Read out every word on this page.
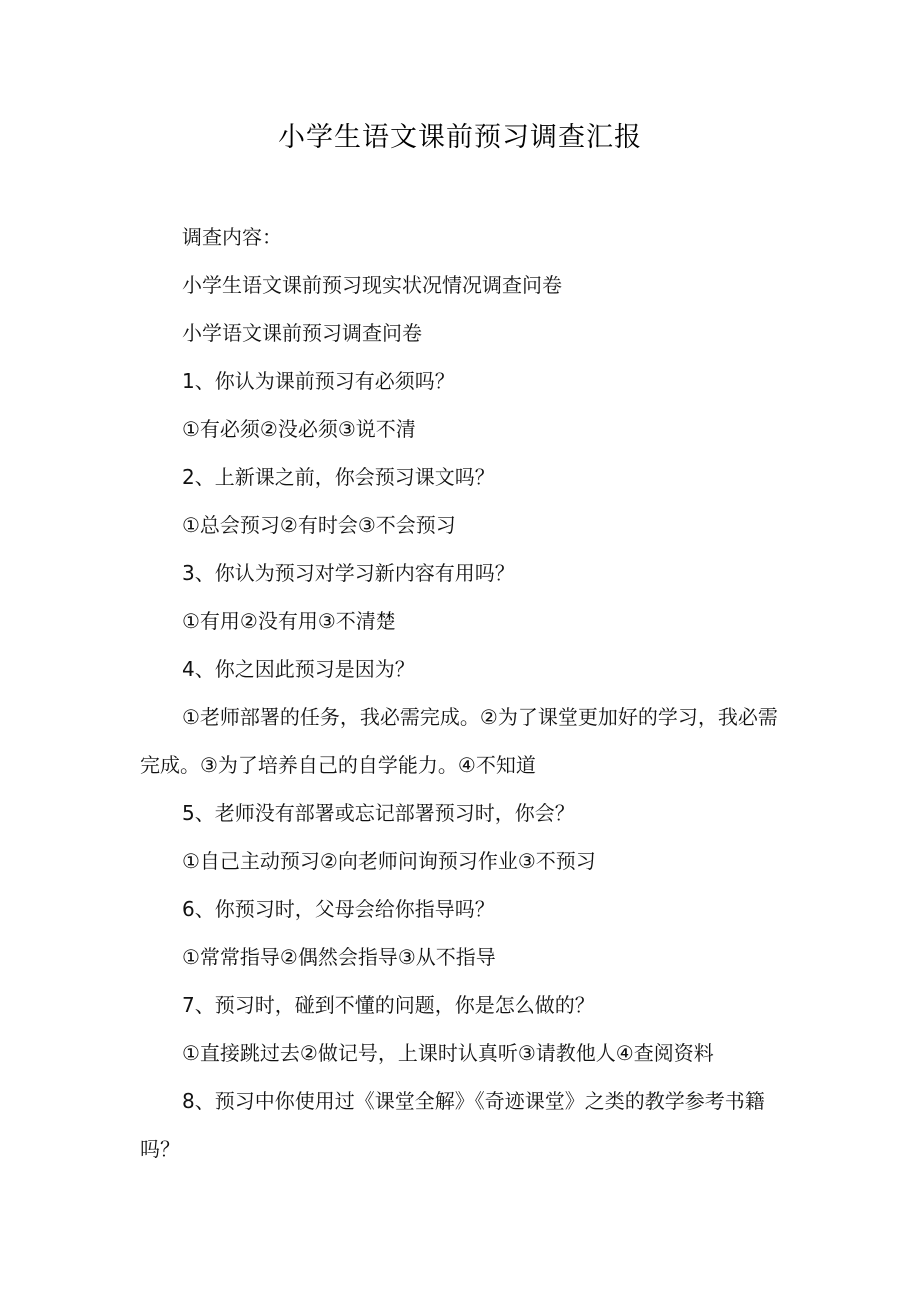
小学生语文课前预习调查汇报

调查内容：

小学生语文课前预习现实状况情况调查问卷

小学语文课前预习调查问卷

1、你认为课前预习有必须吗？

①有必须②没必须③说不清

2、上新课之前，你会预习课文吗？

①总会预习②有时会③不会预习

3、你认为预习对学习新内容有用吗？

①有用②没有用③不清楚

4、你之因此预习是因为？

①老师部署的任务，我必需完成。②为了课堂更加好的学习，我必需完成。③为了培养自己的自学能力。④不知道

5、老师没有部署或忘记部署预习时，你会？

①自己主动预习②向老师问询预习作业③不预习

6、你预习时，父母会给你指导吗？

①常常指导②偶然会指导③从不指导

7、预习时，碰到不懂的问题，你是怎么做的？

①直接跳过去②做记号，上课时认真听③请教他人④查阅资料

8、预习中你使用过《课堂全解》《奇迹课堂》之类的教学参考书籍吗？
